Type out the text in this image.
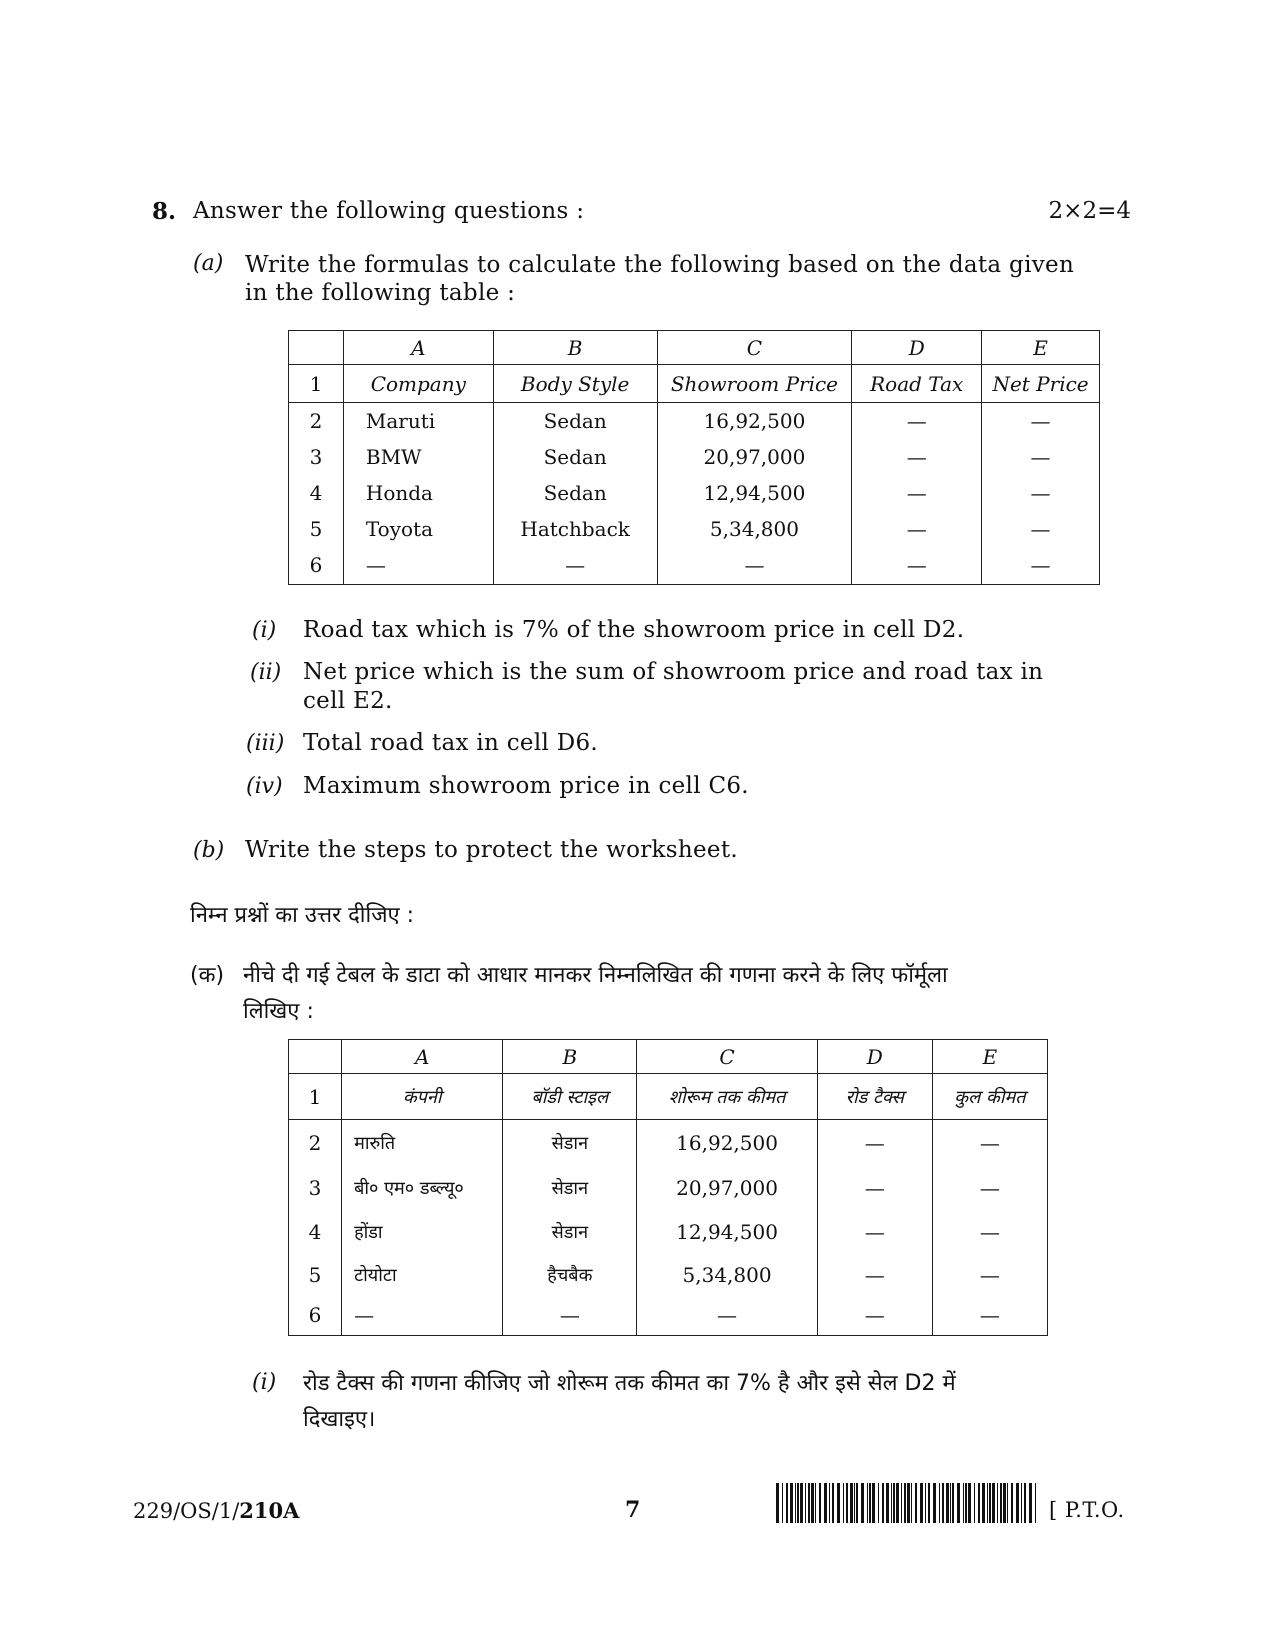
8. Answer the following questions :	2×2=4
(a) Write the formulas to calculate the following based on the data given
in the following table :
	A	B	C	D	E
1	Company	Body Style	Showroom Price	Road Tax	Net Price
2	Maruti	Sedan	16,92,500	—	—
3	BMW	Sedan	20,97,000	—	—
4	Honda	Sedan	12,94,500	—	—
5	Toyota	Hatchback	5,34,800	—	—
6	—	—	—	—	—
(i) Road tax which is 7% of the showroom price in cell D2.
(ii) Net price which is the sum of showroom price and road tax in
cell E2.
(iii) Total road tax in cell D6.
(iv) Maximum showroom price in cell C6.
(b) Write the steps to protect the worksheet.
निम्न प्रश्नों का उत्तर दीजिए :
(क) नीचे दी गई टेबल के डाटा को आधार मानकर निम्नलिखित की गणना करने के लिए फॉर्मूला
लिखिए :
	A	B	C	D	E
1	कंपनी	बॉडी स्टाइल	शोरूम तक कीमत	रोड टैक्स	कुल कीमत
2	मारुति	सेडान	16,92,500	—	—
3	बी० एम० डब्ल्यू०	सेडान	20,97,000	—	—
4	होंडा	सेडान	12,94,500	—	—
5	टोयोटा	हैचबैक	5,34,800	—	—
6	—	—	—	—	—
(i) रोड टैक्स की गणना कीजिए जो शोरूम तक कीमत का 7% है और इसे सेल D2 में
दिखाइए।
229/OS/1/210A	7	[ P.T.O.
